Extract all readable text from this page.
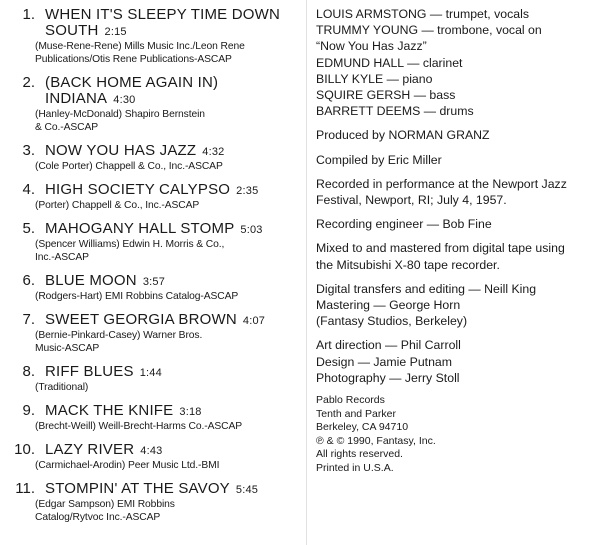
1. WHEN IT'S SLEEPY TIME DOWN
SOUTH 2:15
(Muse-Rene-Rene) Mills Music Inc./Leon Rene
Publications/Otis Rene Publications-ASCAP
2. (BACK HOME AGAIN IN)
INDIANA 4:30
(Hanley-McDonald) Shapiro Bernstein
& Co.-ASCAP
3. NOW YOU HAS JAZZ 4:32
(Cole Porter) Chappell & Co., Inc.-ASCAP
4. HIGH SOCIETY CALYPSO 2:35
(Porter) Chappell & Co., Inc.-ASCAP
5. MAHOGANY HALL STOMP 5:03
(Spencer Williams) Edwin H. Morris & Co.,
Inc.-ASCAP
6. BLUE MOON 3:57
(Rodgers-Hart) EMI Robbins Catalog-ASCAP
7. SWEET GEORGIA BROWN 4:07
(Bernie-Pinkard-Casey) Warner Bros.
Music-ASCAP
8. RIFF BLUES 1:44
(Traditional)
9. MACK THE KNIFE 3:18
(Brecht-Weill) Weill-Brecht-Harms Co.-ASCAP
10. LAZY RIVER 4:43
(Carmichael-Arodin) Peer Music Ltd.-BMI
11. STOMPIN' AT THE SAVOY 5:45
(Edgar Sampson) EMI Robbins
Catalog/Rytvoc Inc.-ASCAP
LOUIS ARMSTONG — trumpet, vocals
TRUMMY YOUNG — trombone, vocal on
“Now You Has Jazz”
EDMUND HALL — clarinet
BILLY KYLE — piano
SQUIRE GERSH — bass
BARRETT DEEMS — drums
Produced by NORMAN GRANZ
Compiled by Eric Miller
Recorded in performance at the Newport Jazz
Festival, Newport, RI; July 4, 1957.
Recording engineer — Bob Fine
Mixed to and mastered from digital tape using
the Mitsubishi X-80 tape recorder.
Digital transfers and editing — Neill King
Mastering — George Horn
(Fantasy Studios, Berkeley)
Art direction — Phil Carroll
Design — Jamie Putnam
Photography — Jerry Stoll
Pablo Records
Tenth and Parker
Berkeley, CA 94710
℗ & © 1990, Fantasy, Inc.
All rights reserved.
Printed in U.S.A.
